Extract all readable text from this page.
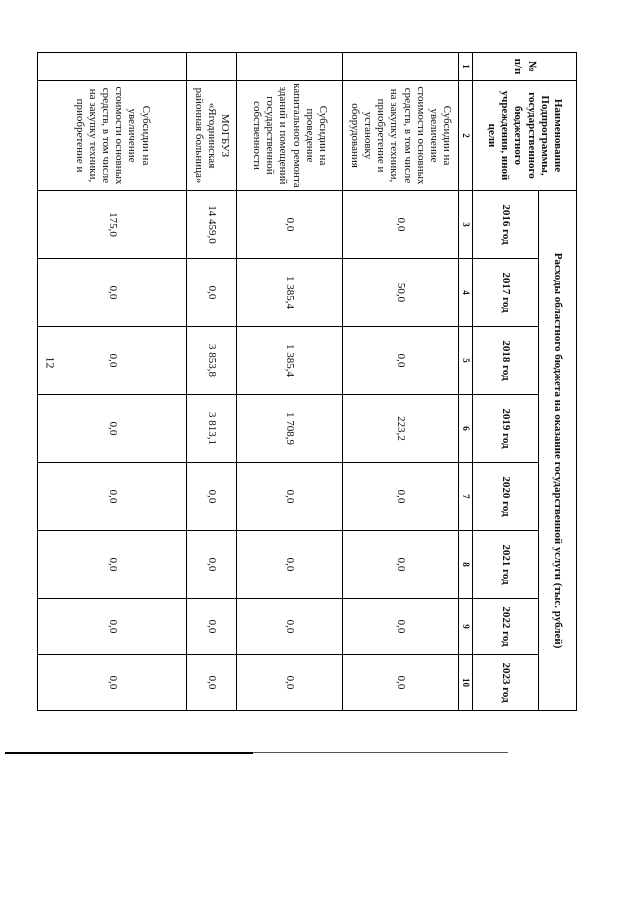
12
№
п/п	Наименование Подпрограммы, государственного бюджетного учреждения, иной цели	Расходы областного бюджета на оказание государственной услуги (тыс. рублей)							
		2016 год	2017 год	2018 год	2019 год	2020 год	2021 год	2022 год	2023 год
1	2	3	4	5	6	7	8	9	10
	Субсидии на увеличение стоимости основных средств, в том числе на закупку техники, приобретение и установку оборудования	0,0	50,0	0,0	223,2	0,0	0,0	0,0	0,0
	Субсидии на проведение капитального ремонта зданий и помещений государственной собственности	0,0	1 385,4	1 385,4	1 708,9	0,0	0,0	0,0	0,0
	МОГБУЗ «Ягоднинская районная больница»	14 459,0	0,0	3 853,8	3 813,1	0,0	0,0	0,0	0,0
	Субсидии на увеличение стоимости основных средств, в том числе на закупку техники, приобретение и	175,0	0,0	0,0	0,0	0,0	0,0	0,0	0,0
